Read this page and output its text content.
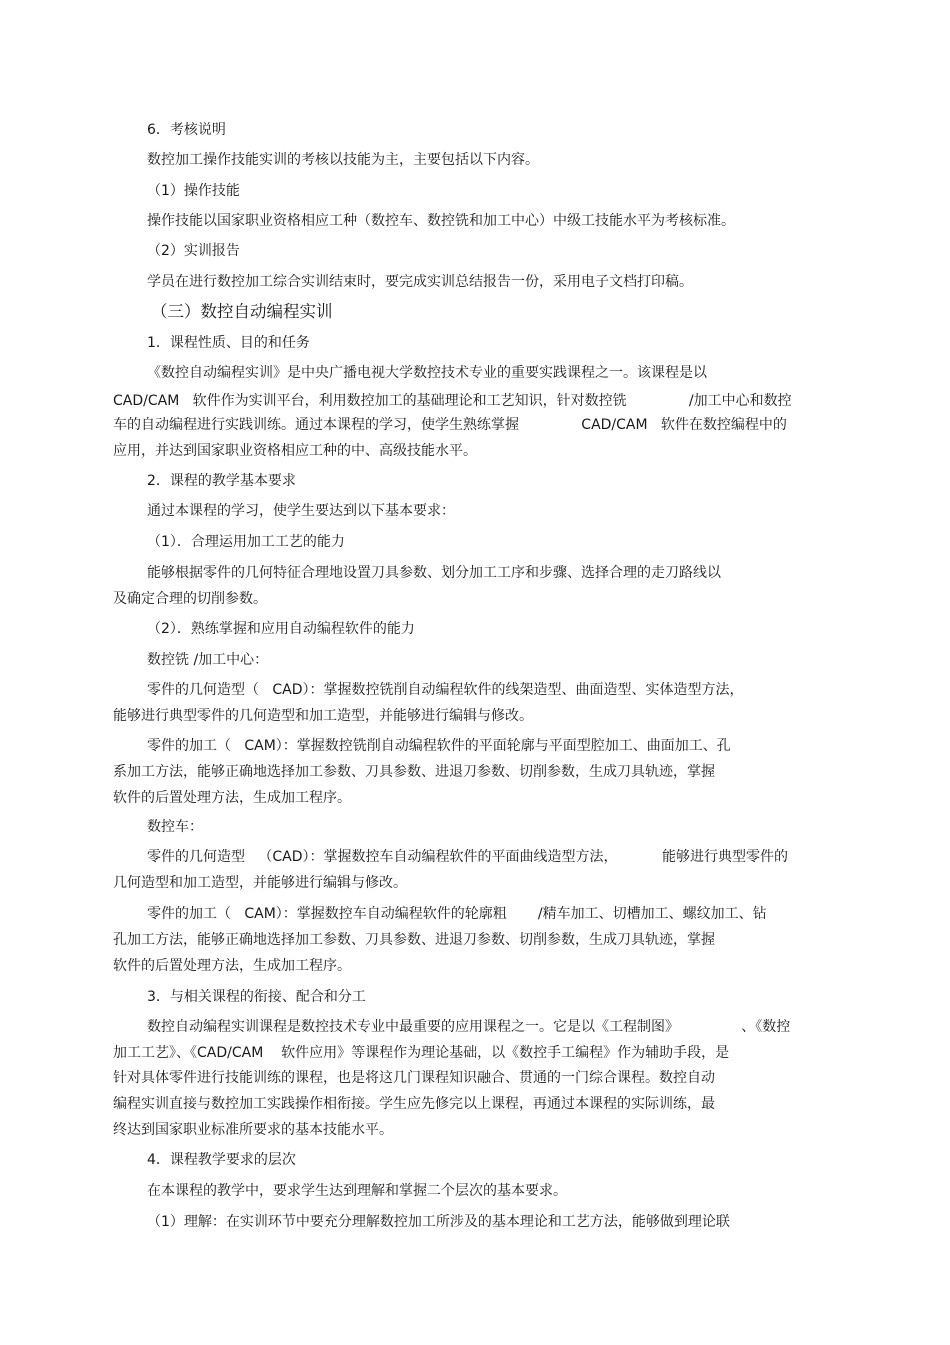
6．考核说明

数控加工操作技能实训的考核以技能为主，主要包括以下内容。

（1）操作技能

操作技能以国家职业资格相应工种（数控车、数控铣和加工中心）中级工技能水平为考核标准。

（2）实训报告

学员在进行数控加工综合实训结束时，要完成实训总结报告一份，采用电子文档打印稿。

（三）数控自动编程实训

1．课程性质、目的和任务

《数控自动编程实训》是中央广播电视大学数控技术专业的重要实践课程之一。该课程是以

CAD/CAM   软件作为实训平台，利用数控加工的基础理论和工艺知识，针对数控铣              /加工中心和数控

车的自动编程进行实践训练。通过本课程的学习，使学生熟练掌握              CAD/CAM   软件在数控编程中的

应用，并达到国家职业资格相应工种的中、高级技能水平。

2．课程的教学基本要求

通过本课程的学习，使学生要达到以下基本要求：

（1）．合理运用加工工艺的能力

能够根据零件的几何特征合理地设置刀具参数、划分加工工序和步骤、选择合理的走刀路线以

及确定合理的切削参数。

（2）．熟练掌握和应用自动编程软件的能力

数控铣 /加工中心：

零件的几何造型（   CAD）：掌握数控铣削自动编程软件的线架造型、曲面造型、实体造型方法，

能够进行典型零件的几何造型和加工造型，并能够进行编辑与修改。

零件的加工（   CAM）：掌握数控铣削自动编程软件的平面轮廓与平面型腔加工、曲面加工、孔

系加工方法，能够正确地选择加工参数、刀具参数、进退刀参数、切削参数，生成刀具轨迹，掌握

软件的后置处理方法，生成加工程序。

数控车：

零件的几何造型   （CAD）：掌握数控车自动编程软件的平面曲线造型方法，          能够进行典型零件的

几何造型和加工造型，并能够进行编辑与修改。

零件的加工（   CAM）：掌握数控车自动编程软件的轮廓粗       /精车加工、切槽加工、螺纹加工、钻

孔加工方法，能够正确地选择加工参数、刀具参数、进退刀参数、切削参数，生成刀具轨迹，掌握

软件的后置处理方法，生成加工程序。

3．与相关课程的衔接、配合和分工

数控自动编程实训课程是数控技术专业中最重要的应用课程之一。它是以《工程制图》              、《数控

加工工艺》、《CAD/CAM    软件应用》等课程作为理论基础，以《数控手工编程》作为辅助手段，是

针对具体零件进行技能训练的课程，也是将这几门课程知识融合、贯通的一门综合课程。数控自动

编程实训直接与数控加工实践操作相衔接。学生应先修完以上课程，再通过本课程的实际训练，最

终达到国家职业标准所要求的基本技能水平。

4．课程教学要求的层次

在本课程的教学中，要求学生达到理解和掌握二个层次的基本要求。

（1）理解：在实训环节中要充分理解数控加工所涉及的基本理论和工艺方法，能够做到理论联
